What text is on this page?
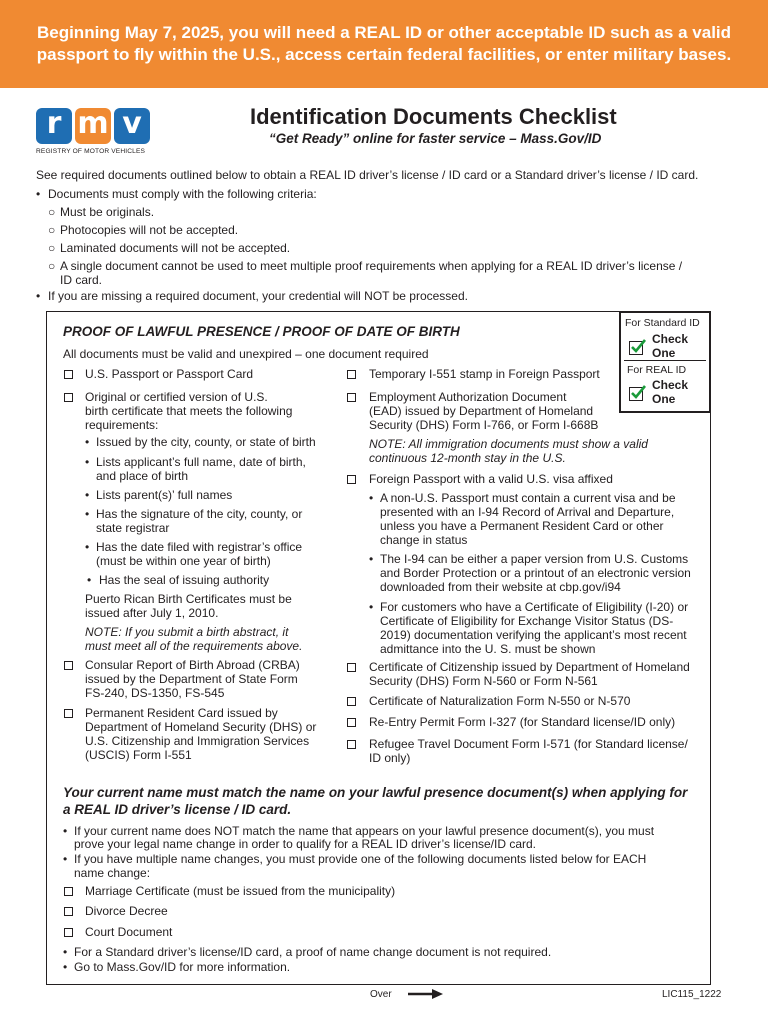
Beginning May 7, 2025, you will need a REAL ID or other acceptable ID such as a valid
passport to fly within the U.S., access certain federal facilities, or enter military bases.
r m v
REGISTRY OF MOTOR VEHICLES
Identification Documents Checklist
“Get Ready” online for faster service – Mass.Gov/ID
See required documents outlined below to obtain a REAL ID driver’s license / ID card or a Standard driver’s license / ID card.
• Documents must comply with the following criteria:
○ Must be originals.
○ Photocopies will not be accepted.
○ Laminated documents will not be accepted.
○ A single document cannot be used to meet multiple proof requirements when applying for a REAL ID driver’s license /
ID card.
• If you are missing a required document, your credential will NOT be processed.
For Standard ID
Check
One
For REAL ID
Check
One
PROOF OF LAWFUL PRESENCE / PROOF OF DATE OF BIRTH
All documents must be valid and unexpired – one document required
U.S. Passport or Passport Card
Original or certified version of U.S.
birth certificate that meets the following
requirements:
• Issued by the city, county, or state of birth
• Lists applicant’s full name, date of birth,
and place of birth
• Lists parent(s)’ full names
• Has the signature of the city, county, or
state registrar
• Has the date filed with registrar’s office
(must be within one year of birth)
• Has the seal of issuing authority
Puerto Rican Birth Certificates must be
issued after July 1, 2010.
NOTE: If you submit a birth abstract, it
must meet all of the requirements above.
Consular Report of Birth Abroad (CRBA)
issued by the Department of State Form
FS-240, DS-1350, FS-545
Permanent Resident Card issued by
Department of Homeland Security (DHS) or
U.S. Citizenship and Immigration Services
(USCIS) Form I-551
Temporary I-551 stamp in Foreign Passport
Employment Authorization Document
(EAD) issued by Department of Homeland
Security (DHS) Form I-766, or Form I-668B
NOTE: All immigration documents must show a valid
continuous 12-month stay in the U.S.
Foreign Passport with a valid U.S. visa affixed
• A non-U.S. Passport must contain a current visa and be
presented with an I-94 Record of Arrival and Departure,
unless you have a Permanent Resident Card or other
change in status
• The I-94 can be either a paper version from U.S. Customs
and Border Protection or a printout of an electronic version
downloaded from their website at cbp.gov/i94
• For customers who have a Certificate of Eligibility (I-20) or
Certificate of Eligibility for Exchange Visitor Status (DS-
2019) documentation verifying the applicant’s most recent
admittance into the U. S. must be shown
Certificate of Citizenship issued by Department of Homeland
Security (DHS) Form N-560 or Form N-561
Certificate of Naturalization Form N-550 or N-570
Re-Entry Permit Form I-327 (for Standard license/ID only)
Refugee Travel Document Form I-571 (for Standard license/
ID only)
Your current name must match the name on your lawful presence document(s) when applying for
a REAL ID driver’s license / ID card.
• If your current name does NOT match the name that appears on your lawful presence document(s), you must
prove your legal name change in order to qualify for a REAL ID driver’s license/ID card.
• If you have multiple name changes, you must provide one of the following documents listed below for EACH
name change:
Marriage Certificate (must be issued from the municipality)
Divorce Decree
Court Document
• For a Standard driver’s license/ID card, a proof of name change document is not required.
• Go to Mass.Gov/ID for more information.
Over	LIC115_1222
